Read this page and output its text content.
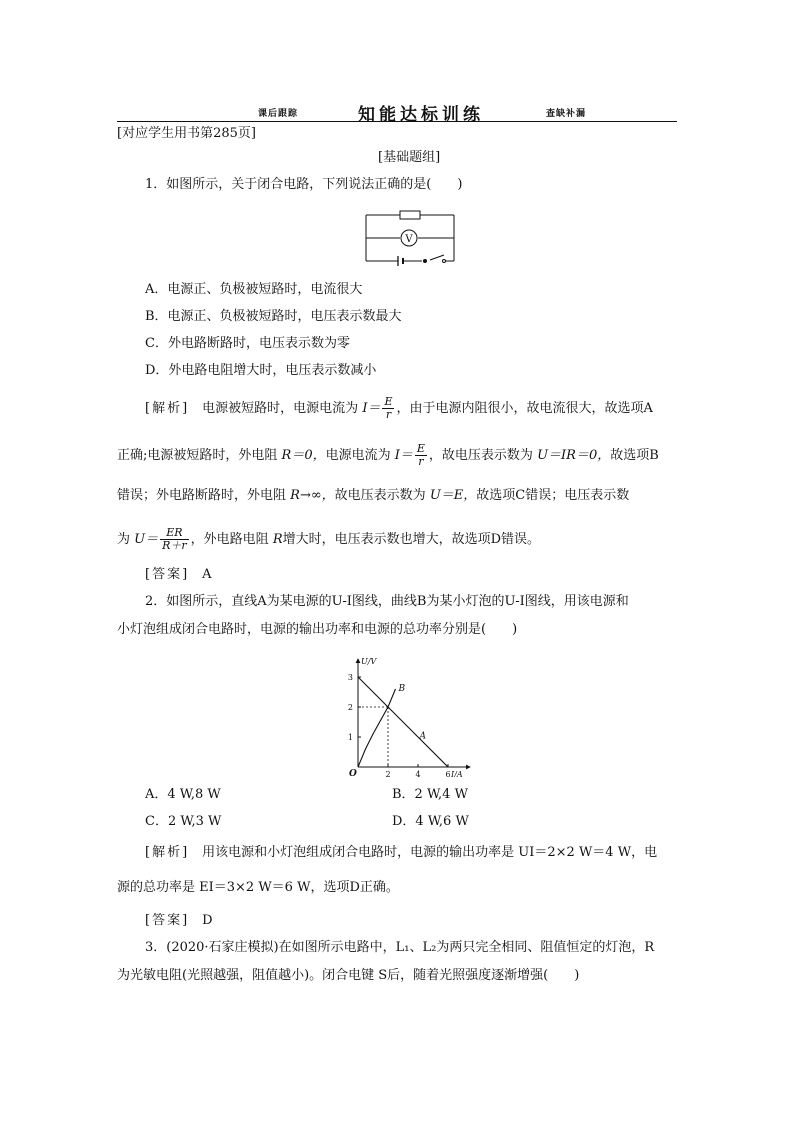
课后跟踪	知能达标训练	查缺补漏
[对应学生用书第285页]
[基础题组]
1．如图所示，关于闭合电路，下列说法正确的是(　　)
V
A．电源正、负极被短路时，电流很大
B．电源正、负极被短路时，电压表示数最大
C．外电路断路时，电压表示数为零
D．外电路电阻增大时，电压表示数减小
[解析]　电源被短路时，电源电流为 $I= \frac{E}{r}$ ，由于电源内阻很小，故电流很大，故选项A
正确;电源被短路时，外电阻 R＝0，电源电流为 $I= \frac{E}{r}$ ，故电压表示数为 U＝IR＝0，故选项B
错误；外电路断路时，外电阻 R→∞，故电压表示数为 U＝E，故选项C错误；电压表示数
为 $U= \frac{ER}{R+r}$ ，外电路电阻 R增大时，电压表示数也增大，故选项D错误。
[答案]　 A
2．如图所示，直线A为某电源的U-I图线，曲线B为某小灯泡的U-I图线，用该电源和
小灯泡组成闭合电路时，电源的输出功率和电源的总功率分别是(　　)
U/V
I/A
O	2	4	6
1
2
3
A
B
A．4 W,8 W	B．2 W,4 W
C．2 W,3 W	D．4 W,6 W
[解析]　用该电源和小灯泡组成闭合电路时，电源的输出功率是 UI＝2×2 W＝4 W，电
源的总功率是 EI＝3×2 W＝6 W，选项D正确。
[答案]　 D
3．(2020·石家庄模拟)在如图所示电路中，L₁、L₂为两只完全相同、阻值恒定的灯泡，R
为光敏电阻(光照越强，阻值越小)。闭合电键 S后，随着光照强度逐渐增强(　　)
